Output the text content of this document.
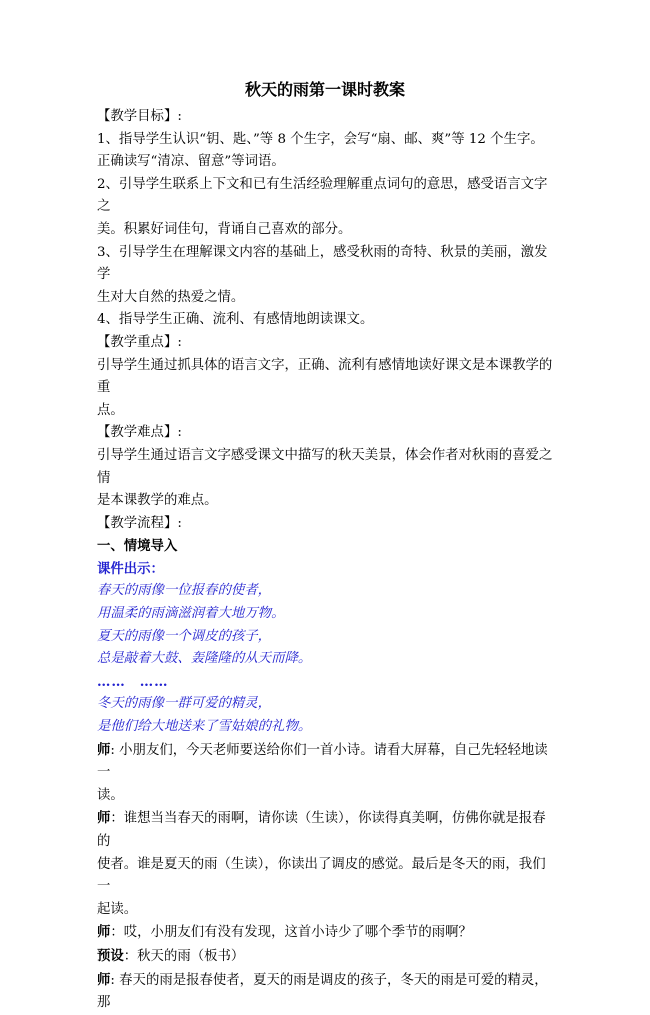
秋天的雨第一课时教案

【教学目标】:

1、指导学生认识“钥、匙、”等 8 个生字，会写“扇、邮、爽”等 12 个生字。

正确读写“清凉、留意”等词语。

2、引导学生联系上下文和已有生活经验理解重点词句的意思，感受语言文字之

美。积累好词佳句，背诵自己喜欢的部分。

3、引导学生在理解课文内容的基础上，感受秋雨的奇特、秋景的美丽，激发学

生对大自然的热爱之情。

4、指导学生正确、流利、有感情地朗读课文。

【教学重点】:

引导学生通过抓具体的语言文字，正确、流利有感情地读好课文是本课教学的重

点。

【教学难点】:

引导学生通过语言文字感受课文中描写的秋天美景，体会作者对秋雨的喜爱之情

是本课教学的难点。

【教学流程】:

一、情境导入

课件出示：

春天的雨像一位报春的使者，

用温柔的雨滴滋润着大地万物。

夏天的雨像一个调皮的孩子，

总是敲着大鼓、轰隆隆的从天而降。

…… ……

冬天的雨像一群可爱的精灵，

是他们给大地送来了雪姑娘的礼物。

师: 小朋友们，今天老师要送给你们一首小诗。请看大屏幕，自己先轻轻地读一

读。

师：谁想当当春天的雨啊，请你读（生读），你读得真美啊，仿佛你就是报春的

使者。谁是夏天的雨（生读），你读出了调皮的感觉。最后是冬天的雨，我们一

起读。

师：哎，小朋友们有没有发现，这首小诗少了哪个季节的雨啊？

预设：秋天的雨（板书）

师: 春天的雨是报春使者，夏天的雨是调皮的孩子，冬天的雨是可爱的精灵，那
